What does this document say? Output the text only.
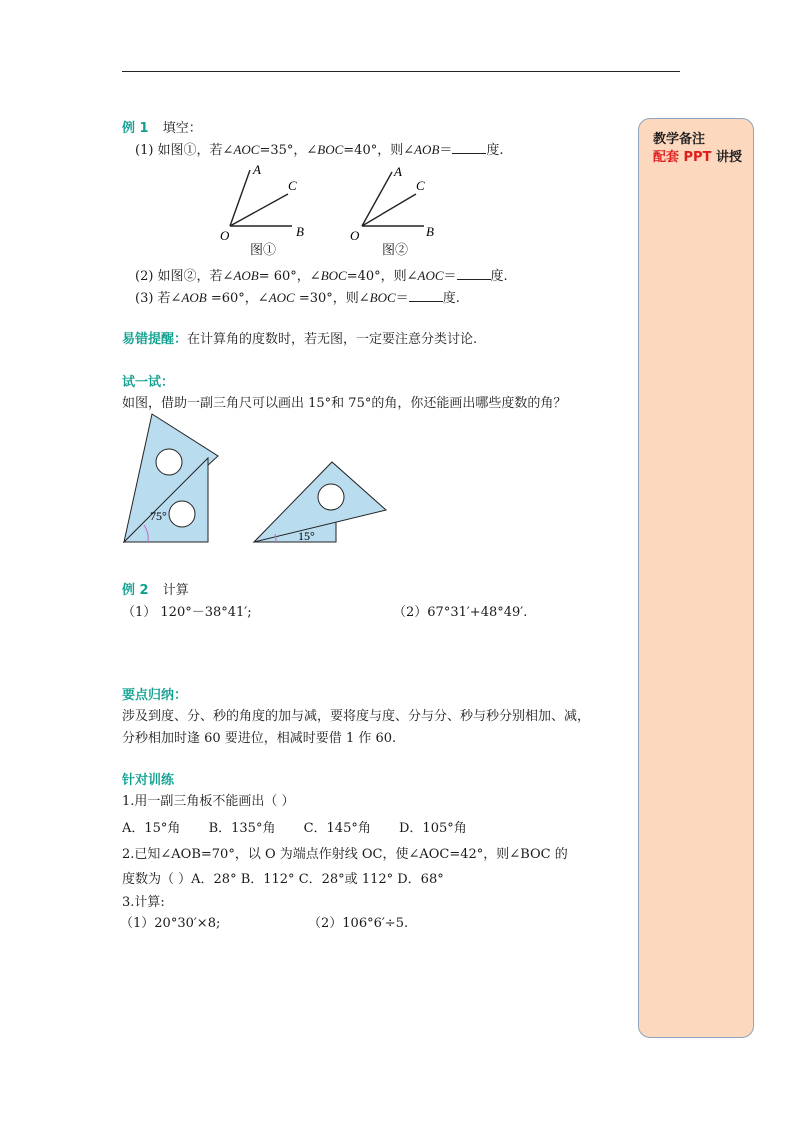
例 1 填空：
(1) 如图①，若∠AOC=35°，∠BOC=40°，则∠AOB＝	度.
A
C
B
O
A
C
B
O
图①	图②
(2) 如图②，若∠AOB= 60°，∠BOC=40°，则∠AOC＝	度.
(3) 若∠AOB =60°，∠AOC =30°，则∠BOC＝	度.
易错提醒：在计算角的度数时，若无图，一定要注意分类讨论.
试一试：
如图，借助一副三角尺可以画出 15°和 75°的角，你还能画出哪些度数的角？
75°
15°
例 2 计算
（1） 120°－38°41′;	（2）67°31′+48°49′.
要点归纳：
涉及到度、分、秒的角度的加与减，要将度与度、分与分、秒与秒分别相加、减，
分秒相加时逢 60 要进位，相减时要借 1 作 60.
针对训练
1.用一副三角板不能画出（ ）
A．15°角 B．135°角 C．145°角 D．105°角
2.已知∠AOB=70°，以 O 为端点作射线 OC，使∠AOC=42°，则∠BOC 的
度数为（ ）A．28° B．112° C．28°或 112° D．68°
3.计算:
（1）20°30′×8;	（2）106°6′÷5.
教学备注
配套 PPT 讲授
